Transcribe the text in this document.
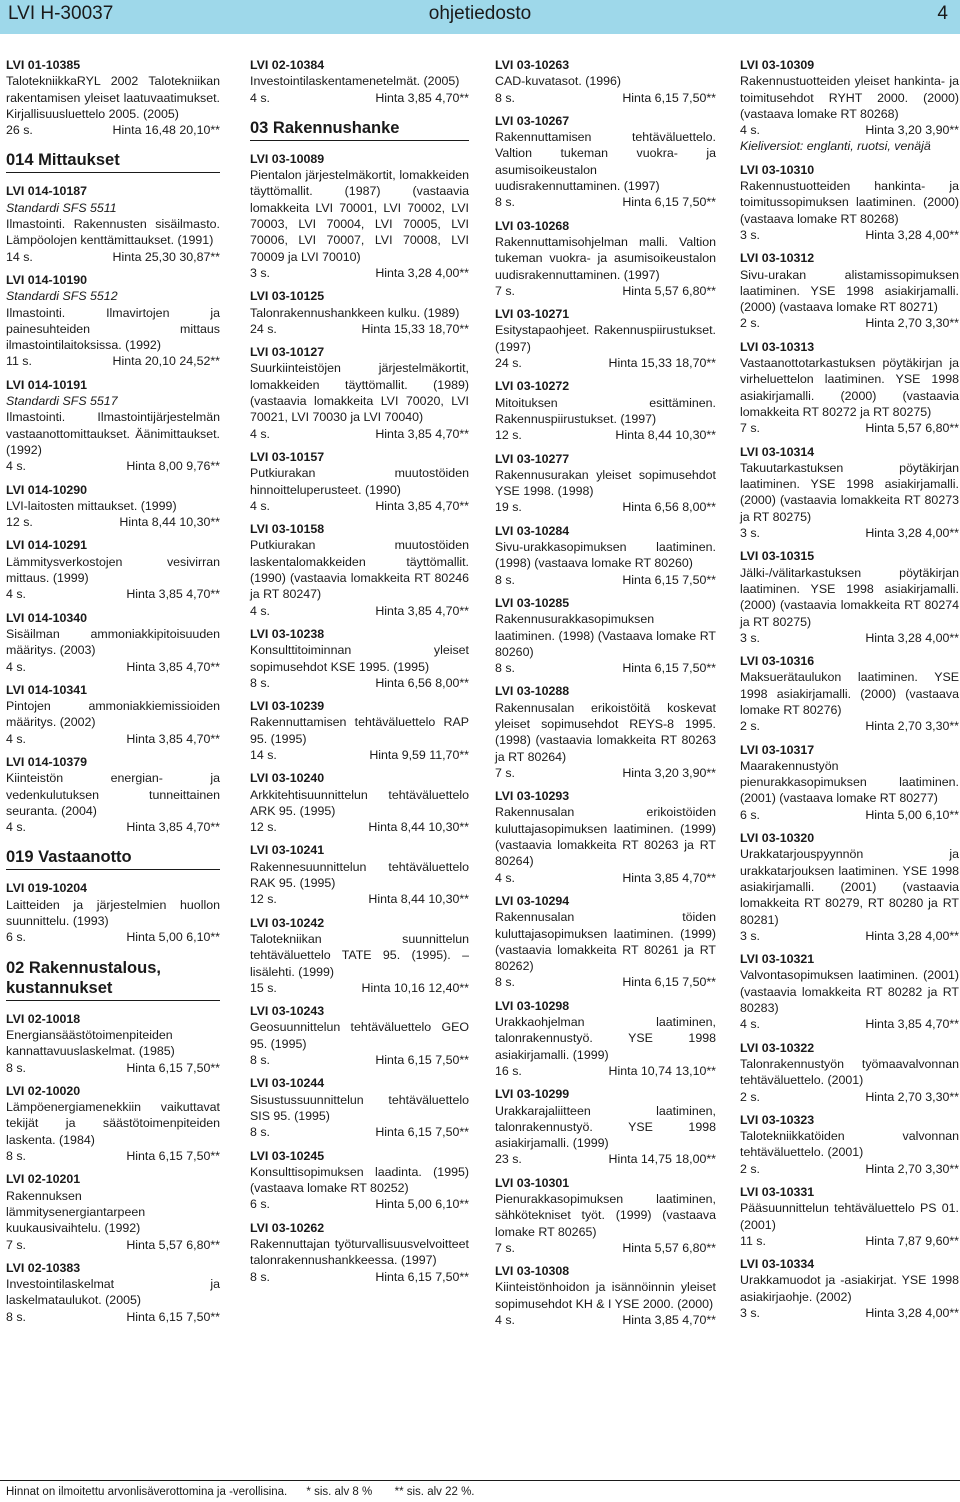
LVI H-30037	ohjetiedosto	4
LVI 01-10385
TalotekniikkaRYL 2002 Talotekniikan rakentamisen yleiset laatuvaatimukset. Kirjallisuusluettelo 2005. (2005)
26 s.	Hinta 16,48 20,10**
014 Mittaukset
LVI 014-10187
Standardi SFS 5511
Ilmastointi. Rakennusten sisäilmasto. Lämpöolojen kenttämittaukset. (1991)
14 s.	Hinta 25,30 30,87**
LVI 014-10190
Standardi SFS 5512
Ilmastointi. Ilmavirtojen ja painesuhteiden mittaus ilmastointilaitoksissa. (1992)
11 s.	Hinta 20,10 24,52**
LVI 014-10191
Standardi SFS 5517
Ilmastointi. Ilmastointijärjestelmän vastaanottomittaukset. Äänimittaukset. (1992)
4 s.	Hinta 8,00 9,76**
LVI 014-10290
LVI-laitosten mittaukset. (1999)
12 s.	Hinta 8,44 10,30**
LVI 014-10291
Lämmitysverkostojen vesivirran mittaus. (1999)
4 s.	Hinta 3,85 4,70**
LVI 014-10340
Sisäilman ammoniakkipitoisuuden määritys. (2003)
4 s.	Hinta 3,85 4,70**
LVI 014-10341
Pintojen ammoniakkiemissioiden määritys. (2002)
4 s.	Hinta 3,85 4,70**
LVI 014-10379
Kiinteistön energian- ja vedenkulutuksen tunneittainen seuranta. (2004)
4 s.	Hinta 3,85 4,70**
019 Vastaanotto
LVI 019-10204
Laitteiden ja järjestelmien huollon suunnittelu. (1993)
6 s.	Hinta 5,00 6,10**
02 Rakennustalous, kustannukset
LVI 02-10018
Energiansäästötoimenpiteiden kannattavuuslaskelmat. (1985)
8 s.	Hinta 6,15 7,50**
LVI 02-10020
Lämpöenergiamenekkiin vaikuttavat tekijät ja säästötoimenpiteiden laskenta. (1984)
8 s.	Hinta 6,15 7,50**
LVI 02-10201
Rakennuksen lämmitysenergiantarpeen kuukausivaihtelu. (1992)
7 s.	Hinta 5,57 6,80**
LVI 02-10383
Investointilaskelmat ja laskelmataulukot. (2005)
8 s.	Hinta 6,15 7,50**
LVI 02-10384
Investointilaskentamenetelmät. (2005)
4 s.	Hinta 3,85 4,70**
03 Rakennushanke
LVI 03-10089
Pientalon järjestelmäkortit, lomakkeiden täyttömallit. (1987) (vastaavia lomakkeita LVI 70001, LVI 70002, LVI 70003, LVI 70004, LVI 70005, LVI 70006, LVI 70007, LVI 70008, LVI 70009 ja LVI 70010)
3 s.	Hinta 3,28 4,00**
LVI 03-10125
Talonrakennushankkeen kulku. (1989)
24 s.	Hinta 15,33 18,70**
LVI 03-10127
Suurkiinteistöjen järjestelmäkortit, lomakkeiden täyttömallit. (1989) (vastaavia lomakkeita LVI 70020, LVI 70021, LVI 70030 ja LVI 70040)
4 s.	Hinta 3,85 4,70**
LVI 03-10157
Putkiurakan muutostöiden hinnoitteluperusteet. (1990)
4 s.	Hinta 3,85 4,70**
LVI 03-10158
Putkiurakan muutostöiden laskentalomakkeiden täyttömallit. (1990) (vastaavia lomakkeita RT 80246 ja RT 80247)
4 s.	Hinta 3,85 4,70**
LVI 03-10238
Konsulttitoiminnan yleiset sopimusehdot KSE 1995. (1995)
8 s.	Hinta 6,56 8,00**
LVI 03-10239
Rakennuttamisen tehtäväluettelo RAP 95. (1995)
14 s.	Hinta 9,59 11,70**
LVI 03-10240
Arkkitehtisuunnittelun tehtäväluettelo ARK 95. (1995)
12 s.	Hinta 8,44 10,30**
LVI 03-10241
Rakennesuunnittelun tehtäväluettelo RAK 95. (1995)
12 s.	Hinta 8,44 10,30**
LVI 03-10242
Talotekniikan suunnittelun tehtäväluettelo TATE 95. (1995). – lisälehti. (1999)
15 s.	Hinta 10,16 12,40**
LVI 03-10243
Geosuunnittelun tehtäväluettelo GEO 95. (1995)
8 s.	Hinta 6,15 7,50**
LVI 03-10244
Sisustussuunnittelun tehtäväluettelo SIS 95. (1995)
8 s.	Hinta 6,15 7,50**
LVI 03-10245
Konsulttisopimuksen laadinta. (1995) (vastaava lomake RT 80252)
6 s.	Hinta 5,00 6,10**
LVI 03-10262
Rakennuttajan työturvallisuusvelvoitteet talonrakennushankkeessa. (1997)
8 s.	Hinta 6,15 7,50**
LVI 03-10263
CAD-kuvatasot. (1996)
8 s.	Hinta 6,15 7,50**
LVI 03-10267
Rakennuttamisen tehtäväluettelo. Valtion tukeman vuokra- ja asumisoikeustalon uudisrakennuttaminen. (1997)
8 s.	Hinta 6,15 7,50**
LVI 03-10268
Rakennuttamisohjelman malli. Valtion tukeman vuokra- ja asumisoikeustalon uudisrakennuttaminen. (1997)
7 s.	Hinta 5,57 6,80**
LVI 03-10271
Esitystapaohjeet. Rakennuspiirustukset. (1997)
24 s.	Hinta 15,33 18,70**
LVI 03-10272
Mitoituksen esittäminen. Rakennuspiirustukset. (1997)
12 s.	Hinta 8,44 10,30**
LVI 03-10277
Rakennusurakan yleiset sopimusehdot YSE 1998. (1998)
19 s.	Hinta 6,56 8,00**
LVI 03-10284
Sivu-urakkasopimuksen laatiminen. (1998) (vastaava lomake RT 80260)
8 s.	Hinta 6,15 7,50**
LVI 03-10285
Rakennusurakkasopimuksen laatiminen. (1998) (Vastaava lomake RT 80260)
8 s.	Hinta 6,15 7,50**
LVI 03-10288
Rakennusalan erikoistöitä koskevat yleiset sopimusehdot REYS-8 1995. (1998) (vastaavia lomakkeita RT 80263 ja RT 80264)
7 s.	Hinta 3,20 3,90**
LVI 03-10293
Rakennusalan erikoistöiden kuluttajasopimuksen laatiminen. (1999) (vastaavia lomakkeita RT 80263 ja RT 80264)
4 s.	Hinta 3,85 4,70**
LVI 03-10294
Rakennusalan töiden kuluttajasopimuksen laatiminen. (1999) (vastaavia lomakkeita RT 80261 ja RT 80262)
8 s.	Hinta 6,15 7,50**
LVI 03-10298
Urakkaohjelman laatiminen, talonrakennustyö. YSE 1998 asiakirjamalli. (1999)
16 s.	Hinta 10,74 13,10**
LVI 03-10299
Urakkarajaliitteen laatiminen, talonrakennustyö. YSE 1998 asiakirjamalli. (1999)
23 s.	Hinta 14,75 18,00**
LVI 03-10301
Pienurakkasopimuksen laatiminen, sähkötekniset työt. (1999) (vastaava lomake RT 80265)
7 s.	Hinta 5,57 6,80**
LVI 03-10308
Kiinteistönhoidon ja isännöinnin yleiset sopimusehdot KH & I YSE 2000. (2000)
4 s.	Hinta 3,85 4,70**
LVI 03-10309
Rakennustuotteiden yleiset hankinta- ja toimitusehdot RYHT 2000. (2000) (vastaava lomake RT 80268)
4 s.	Hinta 3,20 3,90**
Kieliversiot: englanti, ruotsi, venäjä
LVI 03-10310
Rakennustuotteiden hankinta- ja toimitussopimuksen laatiminen. (2000) (vastaava lomake RT 80268)
3 s.	Hinta 3,28 4,00**
LVI 03-10312
Sivu-urakan alistamissopimuksen laatiminen. YSE 1998 asiakirjamalli. (2000) (vastaava lomake RT 80271)
2 s.	Hinta 2,70 3,30**
LVI 03-10313
Vastaanottotarkastuksen pöytäkirjan ja virheluettelon laatiminen. YSE 1998 asiakirjamalli. (2000) (vastaavia lomakkeita RT 80272 ja RT 80275)
7 s.	Hinta 5,57 6,80**
LVI 03-10314
Takuutarkastuksen pöytäkirjan laatiminen. YSE 1998 asiakirjamalli. (2000) (vastaavia lomakkeita RT 80273 ja RT 80275)
3 s.	Hinta 3,28 4,00**
LVI 03-10315
Jälki-/välitarkastuksen pöytäkirjan laatiminen. YSE 1998 asiakirjamalli. (2000) (vastaavia lomakkeita RT 80274 ja RT 80275)
3 s.	Hinta 3,28 4,00**
LVI 03-10316
Maksuerätaulukon laatiminen. YSE 1998 asiakirjamalli. (2000) (vastaava lomake RT 80276)
2 s.	Hinta 2,70 3,30**
LVI 03-10317
Maarakennustyön pienurakkasopimuksen laatiminen. (2001) (vastaava lomake RT 80277)
6 s.	Hinta 5,00 6,10**
LVI 03-10320
Urakkatarjouspyynnön ja urakkatarjouksen laatiminen. YSE 1998 asiakirjamalli. (2001) (vastaavia lomakkeita RT 80279, RT 80280 ja RT 80281)
3 s.	Hinta 3,28 4,00**
LVI 03-10321
Valvontasopimuksen laatiminen. (2001) (vastaavia lomakkeita RT 80282 ja RT 80283)
4 s.	Hinta 3,85 4,70**
LVI 03-10322
Talonrakennustyön työmaavalvonnan tehtäväluettelo. (2001)
2 s.	Hinta 2,70 3,30**
LVI 03-10323
Talotekniikkatöiden valvonnan tehtäväluettelo. (2001)
2 s.	Hinta 2,70 3,30**
LVI 03-10331
Pääsuunnittelun tehtäväluettelo PS 01. (2001)
11 s.	Hinta 7,87 9,60**
LVI 03-10334
Urakkamuodot ja -asiakirjat. YSE 1998 asiakirjaohje. (2002)
3 s.	Hinta 3,28 4,00**
Hinnat on ilmoitettu arvonlisäverottomina ja -verollisina.      * sis. alv 8 %       ** sis. alv 22 %.
